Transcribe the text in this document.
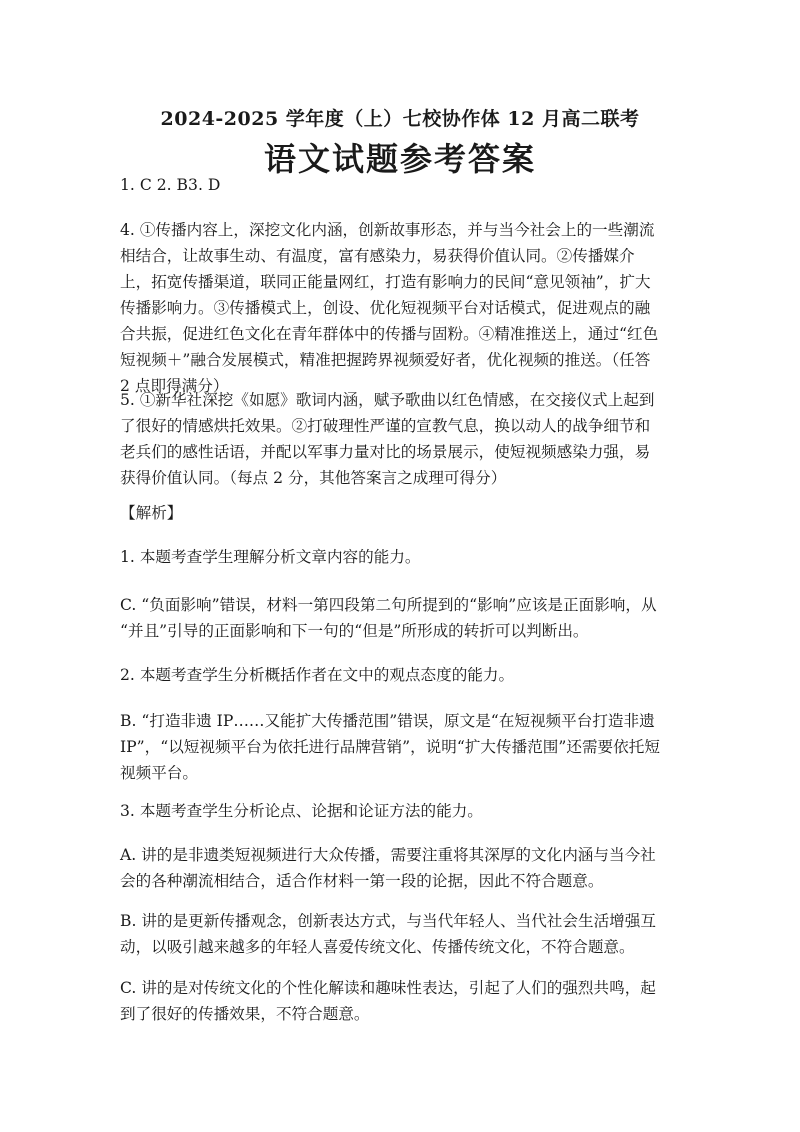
2024-2025 学年度（上）七校协作体 12 月高二联考
语文试题参考答案
1. C 2. B3. D
4. ①传播内容上，深挖文化内涵，创新故事形态，并与当今社会上的一些潮流
相结合，让故事生动、有温度，富有感染力，易获得价值认同。②传播媒介
上，拓宽传播渠道，联同正能量网红，打造有影响力的民间“意见领袖”，扩大
传播影响力。③传播模式上，创设、优化短视频平台对话模式，促进观点的融
合共振，促进红色文化在青年群体中的传播与固粉。④精准推送上，通过“红色
短视频＋”融合发展模式，精准把握跨界视频爱好者，优化视频的推送。（任答
2 点即得满分）
5. ①新华社深挖《如愿》歌词内涵，赋予歌曲以红色情感，在交接仪式上起到
了很好的情感烘托效果。②打破理性严谨的宣教气息，换以动人的战争细节和
老兵们的感性话语，并配以军事力量对比的场景展示，使短视频感染力强，易
获得价值认同。（每点 2 分，其他答案言之成理可得分）
【解析】
1. 本题考查学生理解分析文章内容的能力。
C. “负面影响”错误，材料一第四段第二句所提到的“影响”应该是正面影响，从
“并且”引导的正面影响和下一句的“但是”所形成的转折可以判断出。
2. 本题考查学生分析概括作者在文中的观点态度的能力。
B. “打造非遗 IP……又能扩大传播范围”错误，原文是“在短视频平台打造非遗
IP”，“以短视频平台为依托进行品牌营销”，说明“扩大传播范围”还需要依托短
视频平台。
3. 本题考查学生分析论点、论据和论证方法的能力。
A. 讲的是非遗类短视频进行大众传播，需要注重将其深厚的文化内涵与当今社
会的各种潮流相结合，适合作材料一第一段的论据，因此不符合题意。
B. 讲的是更新传播观念，创新表达方式，与当代年轻人、当代社会生活增强互
动，以吸引越来越多的年轻人喜爱传统文化、传播传统文化，不符合题意。
C. 讲的是对传统文化的个性化解读和趣味性表达，引起了人们的强烈共鸣，起
到了很好的传播效果，不符合题意。
